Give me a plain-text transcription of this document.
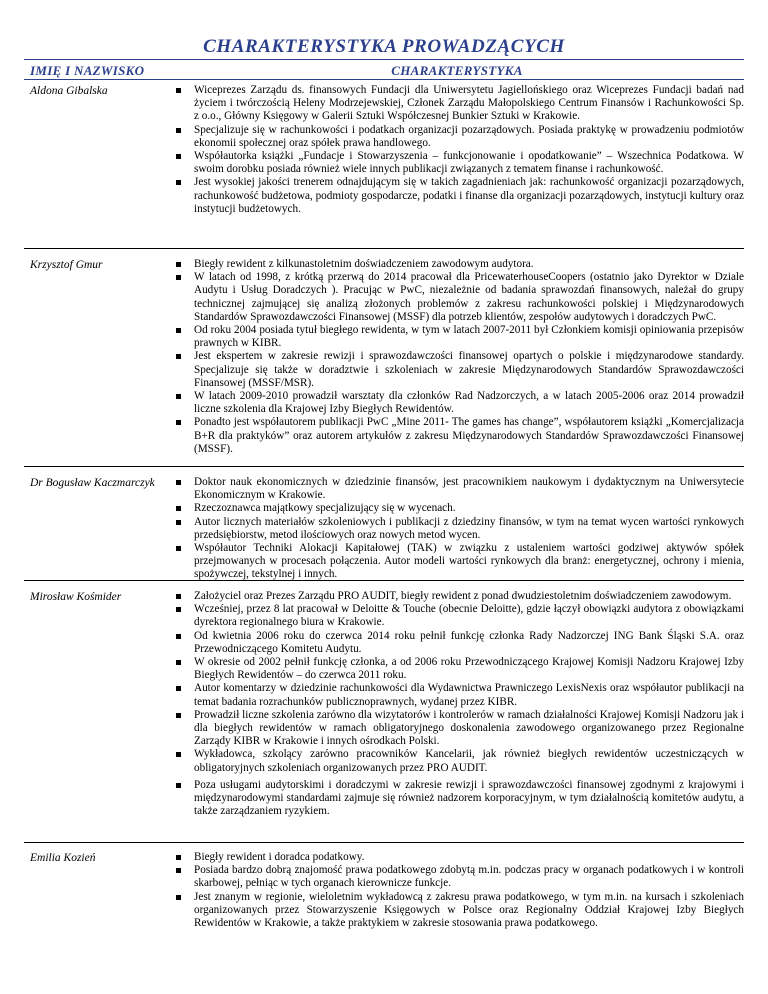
CHARAKTERYSTYKA PROWADZĄCYCH
IMIĘ I NAZWISKO	CHARAKTERYSTYKA
Aldona Gibalska	Wiceprezes Zarządu ds. finansowych Fundacji dla Uniwersytetu Jagiellońskiego oraz Wiceprezes Fundacji badań nad życiem i twórczością Heleny Modrzejewskiej, Członek Zarządu Małopolskiego Centrum Finansów i Rachunkowości Sp. z o.o., Główny Księgowy w Galerii Sztuki Współczesnej Bunkier Sztuki w Krakowie.
Specjalizuje się w rachunkowości i podatkach organizacji pozarządowych. Posiada praktykę w prowadzeniu podmiotów ekonomii społecznej oraz spółek prawa handlowego.
Współautorka książki „Fundacje i Stowarzyszenia – funkcjonowanie i opodatkowanie” – Wszechnica Podatkowa. W swoim dorobku posiada również wiele innych publikacji związanych z tematem finanse i rachunkowość.
Jest wysokiej jakości trenerem odnajdującym się w takich zagadnieniach jak: rachunkowość organizacji pozarządowych, rachunkowość budżetowa, podmioty gospodarcze, podatki i finanse dla organizacji pozarządowych, instytucji kultury oraz instytucji budżetowych.
Krzysztof Gmur	Biegły rewident z kilkunastoletnim doświadczeniem zawodowym audytora.
W latach od 1998, z krótką przerwą do 2014 pracował dla PricewaterhouseCoopers (ostatnio jako Dyrektor w Dziale Audytu i Usług Doradczych ). Pracując w PwC, niezależnie od badania sprawozdań finansowych, należał do grupy technicznej zajmującej się analizą złożonych problemów z zakresu rachunkowości polskiej i Międzynarodowych Standardów Sprawozdawczości Finansowej (MSSF) dla potrzeb klientów, zespołów audytowych i doradczych PwC.
Od roku 2004 posiada tytuł biegłego rewidenta, w tym w latach 2007-2011 był Członkiem komisji opiniowania przepisów prawnych w KIBR.
Jest ekspertem w zakresie rewizji i sprawozdawczości finansowej opartych o polskie i międzynarodowe standardy. Specjalizuje się także w doradztwie i szkoleniach w zakresie Międzynarodowych Standardów Sprawozdawczości Finansowej (MSSF/MSR).
W latach 2009-2010 prowadził warsztaty dla członków Rad Nadzorczych, a w latach 2005-2006 oraz 2014 prowadził liczne szkolenia dla Krajowej Izby Biegłych Rewidentów.
Ponadto jest współautorem publikacji PwC „Mine 2011- The games has change”, współautorem książki „Komercjalizacja B+R dla praktyków” oraz autorem artykułów z zakresu Międzynarodowych Standardów Sprawozdawczości Finansowej (MSSF).
Dr Bogusław Kaczmarczyk	Doktor nauk ekonomicznych w dziedzinie finansów, jest pracownikiem naukowym i dydaktycznym na Uniwersytecie Ekonomicznym w Krakowie.
Rzeczoznawca majątkowy specjalizujący się w wycenach.
Autor licznych materiałów szkoleniowych i publikacji z dziedziny finansów, w tym na temat wycen wartości rynkowych przedsiębiorstw, metod ilościowych oraz nowych metod wycen.
Współautor Techniki Alokacji Kapitałowej (TAK) w związku z ustaleniem wartości godziwej aktywów spółek przejmowanych w procesach połączenia. Autor modeli wartości rynkowych dla branż: energetycznej, ochrony i mienia, spożywczej, tekstylnej i innych.
Mirosław Kośmider	Założyciel oraz Prezes Zarządu PRO AUDIT, biegły rewident z ponad dwudziestoletnim doświadczeniem zawodowym.
Wcześniej, przez 8 lat pracował w Deloitte & Touche (obecnie Deloitte), gdzie łączył obowiązki audytora z obowiązkami dyrektora regionalnego biura w Krakowie.
Od kwietnia 2006 roku do czerwca 2014 roku pełnił funkcję członka Rady Nadzorczej ING Bank Śląski S.A. oraz Przewodniczącego Komitetu Audytu.
W okresie od 2002 pełnił funkcję członka, a od 2006 roku Przewodniczącego Krajowej Komisji Nadzoru Krajowej Izby Biegłych Rewidentów – do czerwca 2011 roku.
Autor komentarzy w dziedzinie rachunkowości dla Wydawnictwa Prawniczego LexisNexis oraz współautor publikacji na temat badania rozrachunków publicznoprawnych, wydanej przez KIBR.
Prowadził liczne szkolenia zarówno dla wizytatorów i kontrolerów w ramach działalności Krajowej Komisji Nadzoru jak i dla biegłych rewidentów w ramach obligatoryjnego doskonalenia zawodowego organizowanego przez Regionalne Zarządy KIBR w Krakowie i innych ośrodkach Polski.
Wykładowca, szkolący zarówno pracowników Kancelarii, jak również biegłych rewidentów uczestniczących w obligatoryjnych szkoleniach organizowanych przez PRO AUDIT.
Poza usługami audytorskimi i doradczymi w zakresie rewizji i sprawozdawczości finansowej zgodnymi z krajowymi i międzynarodowymi standardami zajmuje się również nadzorem korporacyjnym, w tym działalnością komitetów audytu, a także zarządzaniem ryzykiem.
Emilia Kozień	Biegły rewident i doradca podatkowy.
Posiada bardzo dobrą znajomość prawa podatkowego zdobytą m.in. podczas pracy w organach podatkowych i w kontroli skarbowej, pełniąc w tych organach kierownicze funkcje.
Jest znanym w regionie, wieloletnim wykładowcą z zakresu prawa podatkowego, w tym m.in. na kursach i szkoleniach organizowanych przez Stowarzyszenie Księgowych w Polsce oraz Regionalny Oddział Krajowej Izby Biegłych Rewidentów w Krakowie, a także praktykiem w zakresie stosowania prawa podatkowego.
